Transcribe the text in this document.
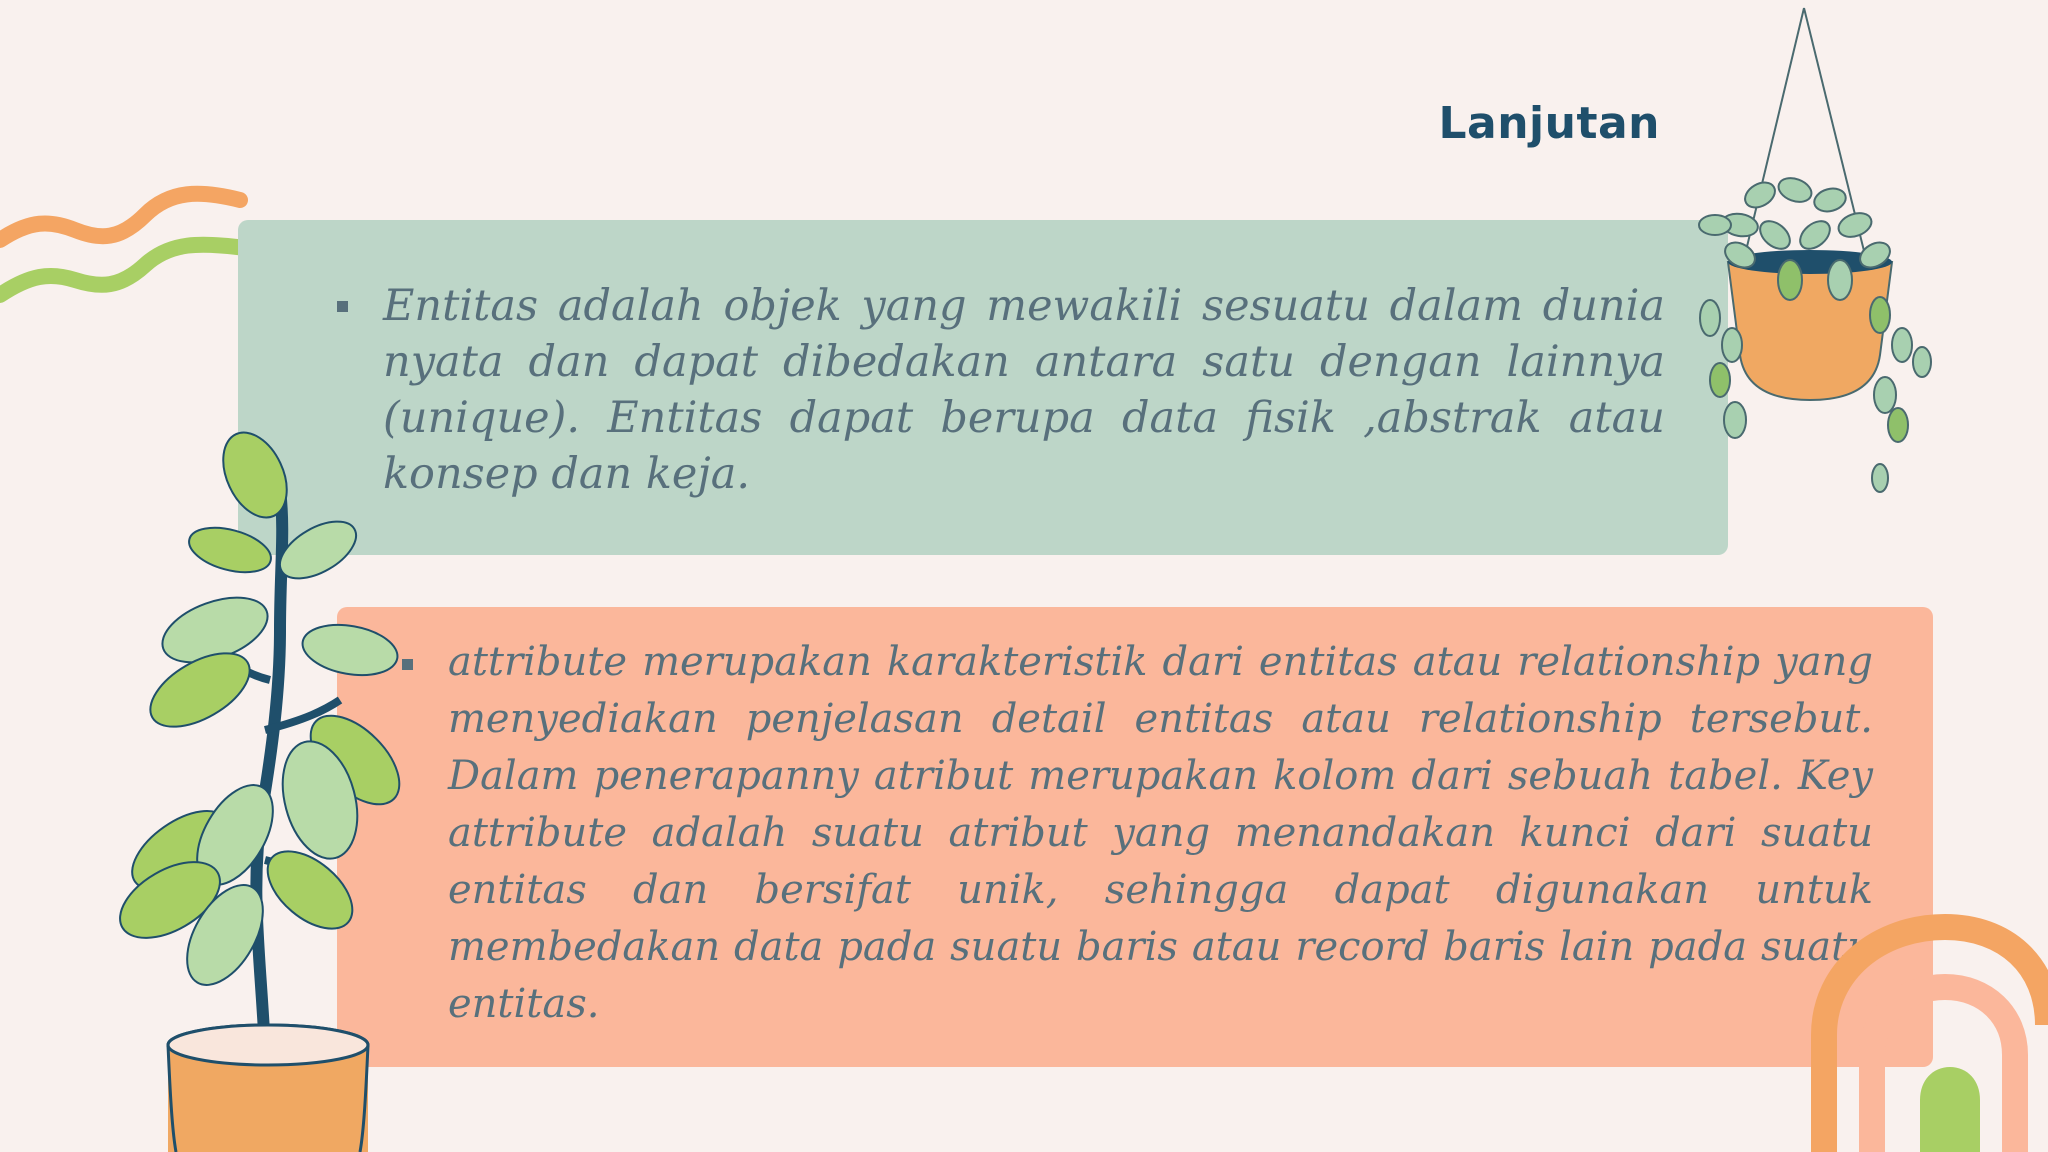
Lanjutan
Entitas adalah objek yang mewakili sesuatu dalam dunia nyata dan dapat dibedakan antara satu dengan lainnya (unique). Entitas dapat berupa data fisik ,abstrak atau konsep dan keja.
attribute merupakan karakteristik dari entitas atau relationship yang menyediakan penjelasan detail entitas atau relationship tersebut. Dalam penerapanny atribut merupakan kolom dari sebuah tabel. Key attribute adalah suatu atribut yang menandakan kunci dari suatu entitas dan bersifat unik, sehingga dapat digunakan untuk membedakan data pada suatu baris atau record baris lain pada suatu entitas.
